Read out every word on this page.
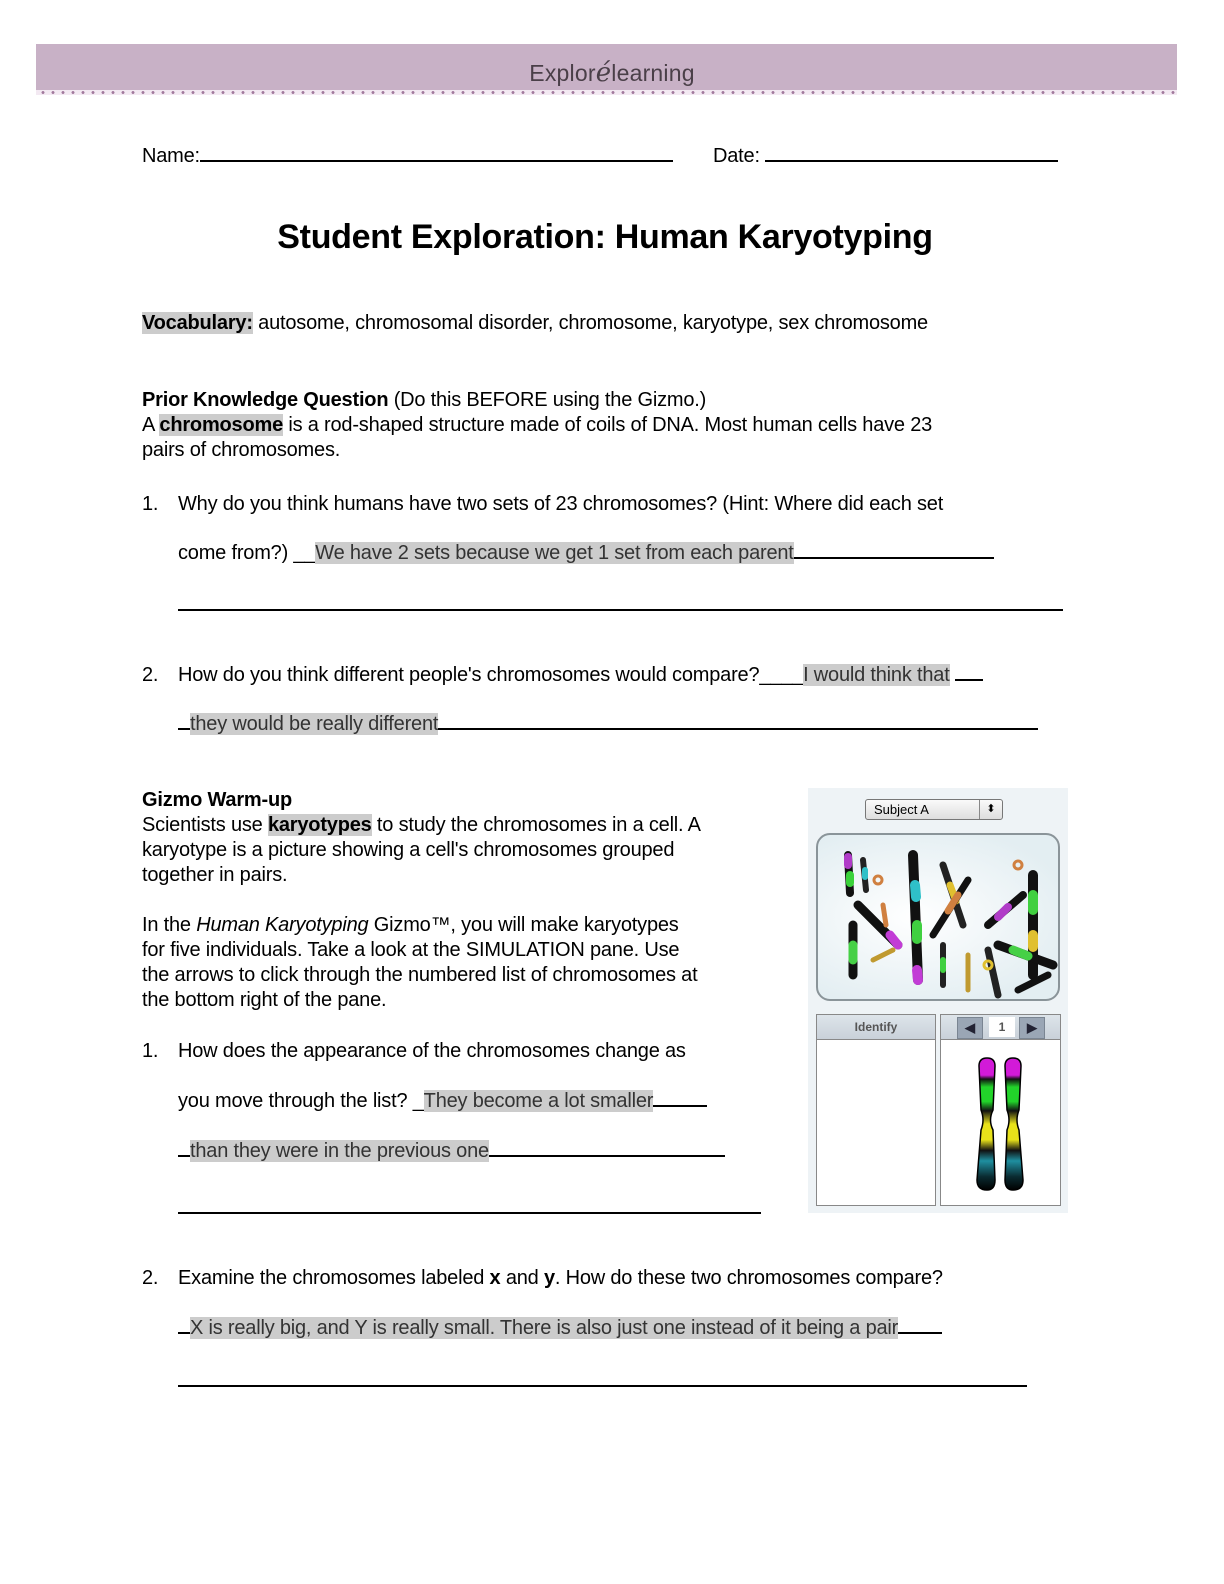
Explorélearning
Name:	Date:
Student Exploration: Human Karyotyping
Vocabulary: autosome, chromosomal disorder, chromosome, karyotype, sex chromosome
Prior Knowledge Question (Do this BEFORE using the Gizmo.)
A chromosome is a rod-shaped structure made of coils of DNA. Most human cells have 23
pairs of chromosomes.
1. Why do you think humans have two sets of 23 chromosomes? (Hint: Where did each set
come from?) __We have 2 sets because we get 1 set from each parent
2. How do you think different people's chromosomes would compare?____I would think that
they would be really different
Gizmo Warm-up
Scientists use karyotypes to study the chromosomes in a cell. A
karyotype is a picture showing a cell's chromosomes grouped
together in pairs.
In the Human Karyotyping Gizmo™, you will make karyotypes
for five individuals. Take a look at the SIMULATION pane. Use
the arrows to click through the numbered list of chromosomes at
the bottom right of the pane.
1. How does the appearance of the chromosomes change as
you move through the list? _They become a lot smaller
than they were in the previous one
2. Examine the chromosomes labeled x and y. How do these two chromosomes compare?
X is really big, and Y is really small. There is also just one instead of it being a pair
Subject A	⬍
Identify	◀	1	▶
